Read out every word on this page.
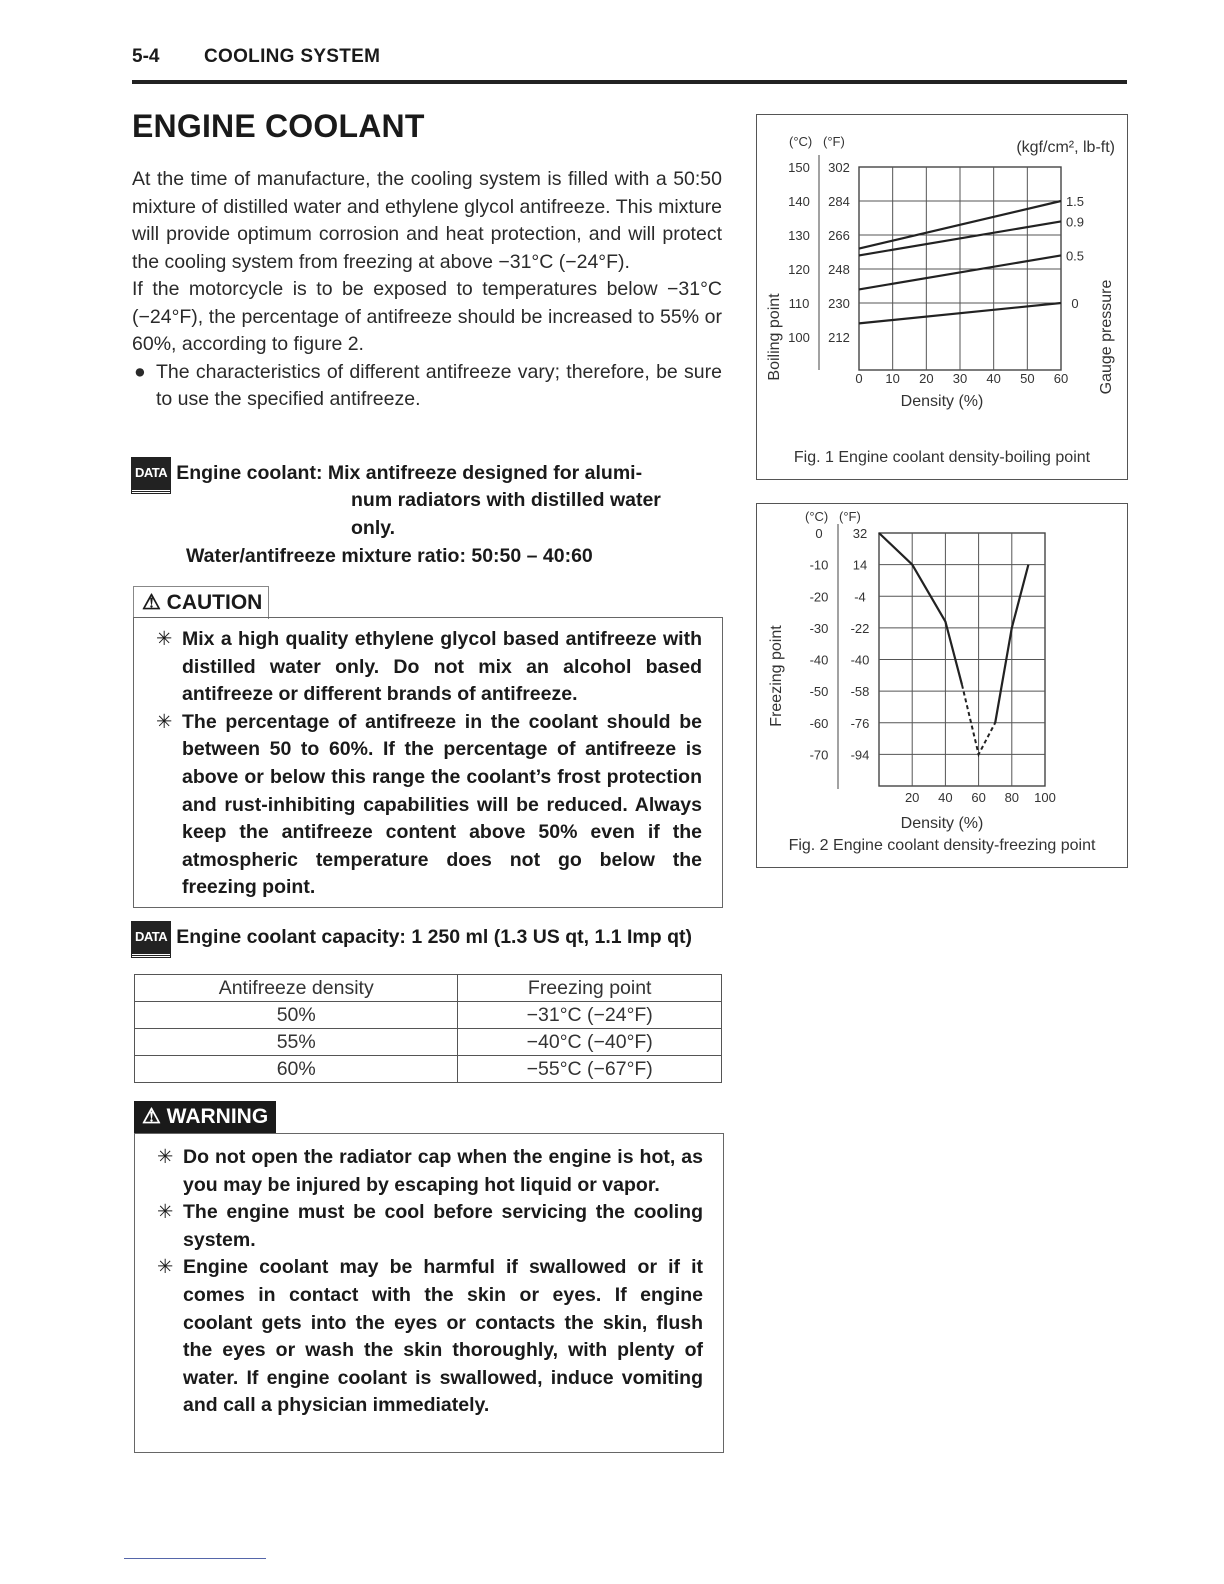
5-4 COOLING SYSTEM
ENGINE COOLANT

At the time of manufacture, the cooling system is filled with a 50:50 mixture of distilled water and ethylene glycol antifreeze. This mixture will provide optimum corrosion and heat protection, and will protect the cooling system from freezing at above −31°C (−24°F).

If the motorcycle is to be exposed to temperatures below −31°C (−24°F), the percentage of antifreeze should be increased to 55% or 60%, according to figure 2.

● The characteristics of different antifreeze vary; therefore, be sure to use the specified antifreeze.

DATA Engine coolant: Mix antifreeze designed for alumi-
num radiators with distilled water
only.
Water/antifreeze mixture ratio: 50:50 – 40:60
⚠ CAUTION
✳ Mix a high quality ethylene glycol based antifreeze with distilled water only. Do not mix an alcohol based antifreeze or different brands of antifreeze.
✳ The percentage of antifreeze in the coolant should be between 50 to 60%. If the percentage of antifreeze is above or below this range the coolant’s frost protection and rust-inhibiting capabilities will be reduced. Always keep the antifreeze content above 50% even if the atmospheric temperature does not go below the freezing point.
DATA Engine coolant capacity: 1 250 ml (1.3 US qt, 1.1 Imp qt)
Antifreeze density	Freezing point
50%	−31°C (−24°F)
55%	−40°C (−40°F)
60%	−55°C (−67°F)
⚠ WARNING
✳ Do not open the radiator cap when the engine is hot, as you may be injured by escaping hot liquid or vapor.
✳ The engine must be cool before servicing the cooling system.
✳ Engine coolant may be harmful if swallowed or if it comes in contact with the skin or eyes. If engine coolant gets into the eyes or contacts the skin, flush the eyes or wash the skin thoroughly, with plenty of water. If engine coolant is swallowed, induce vomiting and call a physician immediately.
(°C) (°F)	(kgf/cm², lb-ft)
Boiling point	Gauge pressure
Density (%)
Fig. 1 Engine coolant density-boiling point
150
140
130
120
110
100
302
284
266
248
230
212
0 10 20 30 40 50 60
1.5
0.9
0.5
0
(°C) (°F)
Freezing point
Density (%)
Fig. 2 Engine coolant density-freezing point
0
-10
-20
-30
-40
-50
-60
-70
32
14
-4
-22
-40
-58
-76
-94
20 40 60 80 100
